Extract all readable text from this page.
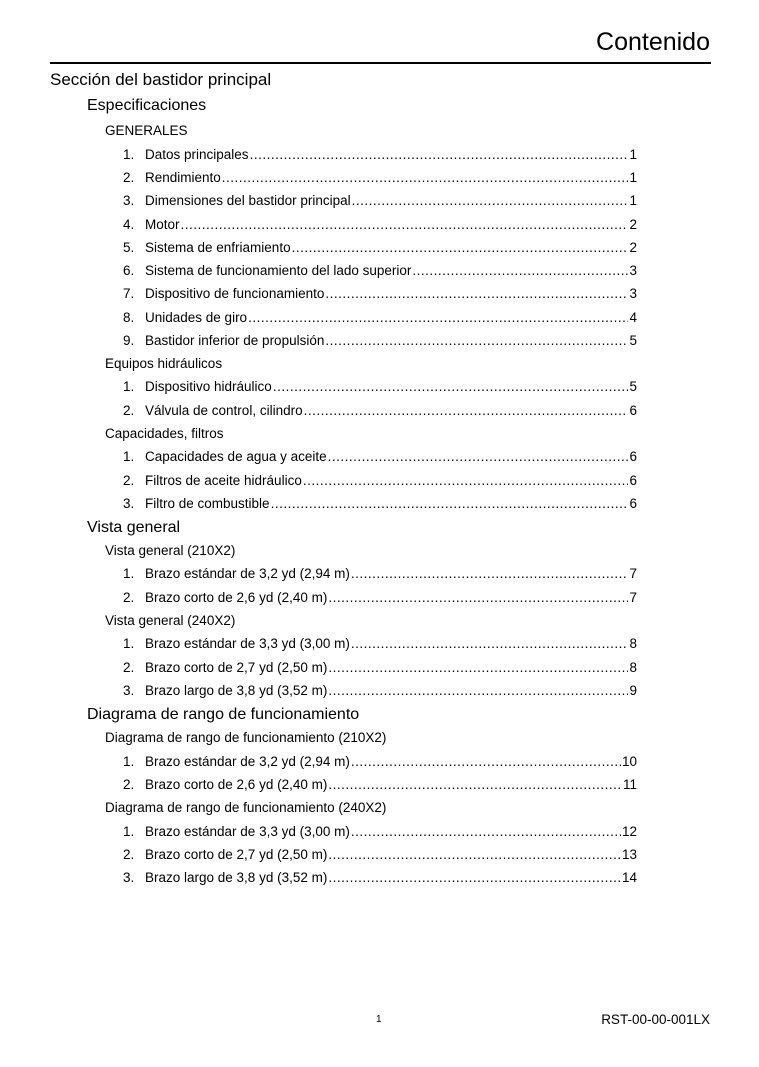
Contenido
Sección del bastidor principal
Especificaciones
GENERALES
1. Datos principales .....	1
2. Rendimiento .....	1
3. Dimensiones del bastidor principal .....	1
4. Motor .....	2
5. Sistema de enfriamiento .....	2
6. Sistema de funcionamiento del lado superior .....	3
7. Dispositivo de funcionamiento .....	3
8. Unidades de giro .....	4
9. Bastidor inferior de propulsión .....	5
Equipos hidráulicos
1. Dispositivo hidráulico .....	5
2. Válvula de control, cilindro .....	6
Capacidades, filtros
1. Capacidades de agua y aceite .....	6
2. Filtros de aceite hidráulico .....	6
3. Filtro de combustible .....	6
Vista general
Vista general (210X2)
1. Brazo estándar de 3,2 yd (2,94 m) .....	7
2. Brazo corto de 2,6 yd (2,40 m) .....	7
Vista general (240X2)
1. Brazo estándar de 3,3 yd (3,00 m) .....	8
2. Brazo corto de 2,7 yd (2,50 m) .....	8
3. Brazo largo de 3,8 yd (3,52 m) .....	9
Diagrama de rango de funcionamiento
Diagrama de rango de funcionamiento (210X2)
1. Brazo estándar de 3,2 yd (2,94 m) .....	10
2. Brazo corto de 2,6 yd (2,40 m) .....	11
Diagrama de rango de funcionamiento (240X2)
1. Brazo estándar de 3,3 yd (3,00 m) .....	12
2. Brazo corto de 2,7 yd (2,50 m) .....	13
3. Brazo largo de 3,8 yd (3,52 m) .....	14
1	RST-00-00-001LX
